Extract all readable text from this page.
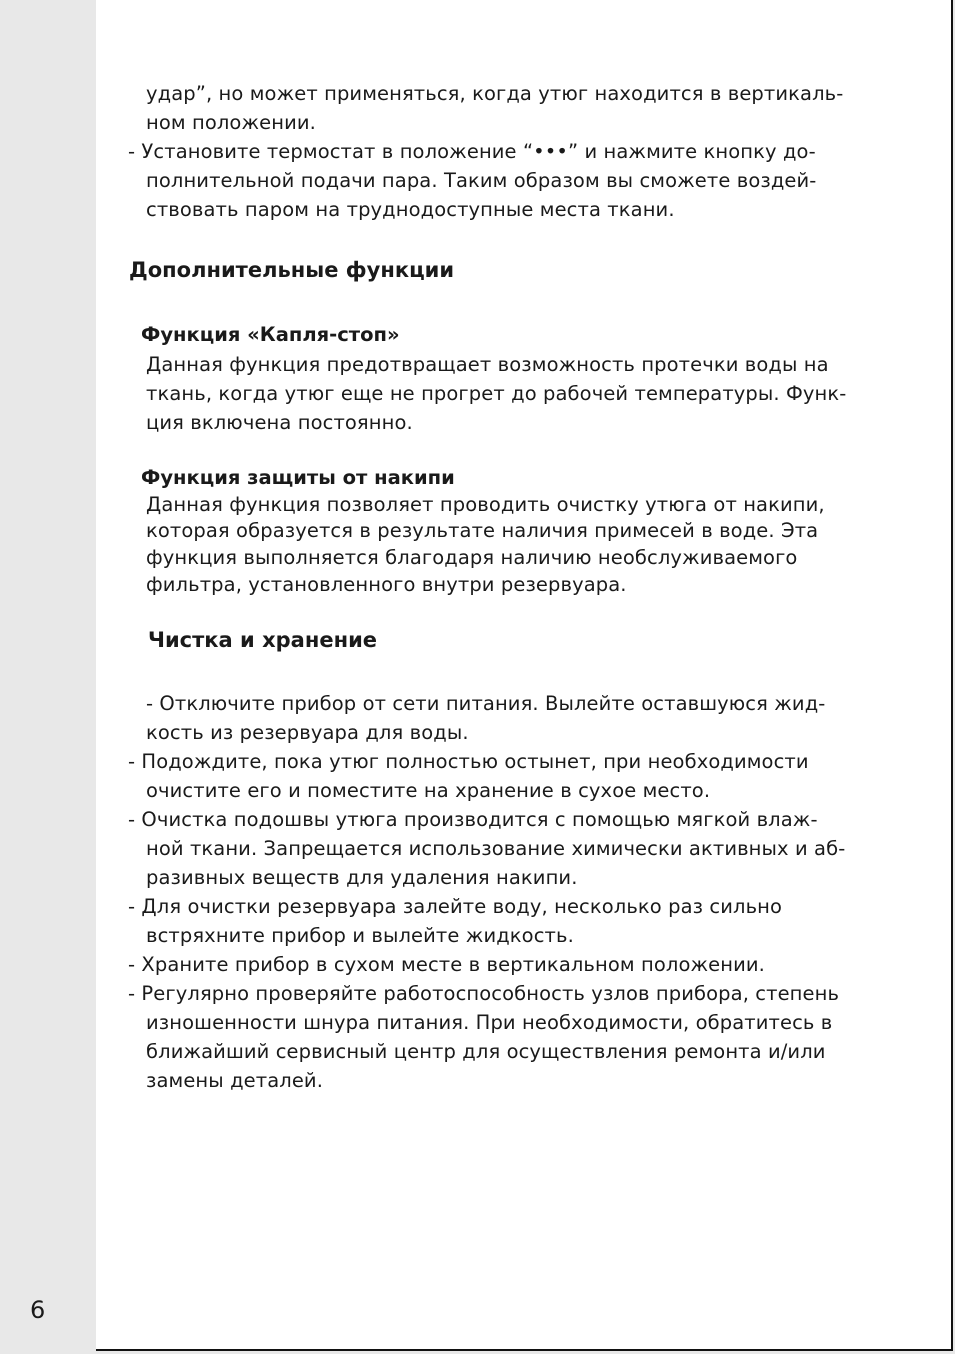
6
удар”, но может применяться, когда утюг находится в вертикаль-
ном положении.
- Установите термостат в положение “•••” и нажмите кнопку до-
полнительной подачи пара. Таким образом вы сможете воздей-
ствовать паром на труднодоступные места ткани.
Дополнительные функции
Функция «Капля-стоп»
Данная функция предотвращает возможность протечки воды на
ткань, когда утюг еще не прогрет до рабочей температуры. Функ-
ция включена постоянно.
Функция защиты от накипи
Данная функция позволяет проводить очистку утюга от накипи,
которая образуется в результате наличия примесей в воде. Эта
функция выполняется благодаря наличию необслуживаемого
фильтра, установленного внутри резервуара.
Чистка и хранение
- Отключите прибор от сети питания. Вылейте оставшуюся жид-
кость из резервуара для воды.
- Подождите, пока утюг полностью остынет, при необходимости
очистите его и поместите на хранение в сухое место.
- Очистка подошвы утюга производится с помощью мягкой влаж-
ной ткани. Запрещается использование химически активных и аб-
разивных веществ для удаления накипи.
- Для очистки резервуара залейте воду, несколько раз сильно
встряхните прибор и вылейте жидкость.
- Храните прибор в сухом месте в вертикальном положении.
- Регулярно проверяйте работоспособность узлов прибора, степень
изношенности шнура питания. При необходимости, обратитесь в
ближайший сервисный центр для осуществления ремонта и/или
замены деталей.
